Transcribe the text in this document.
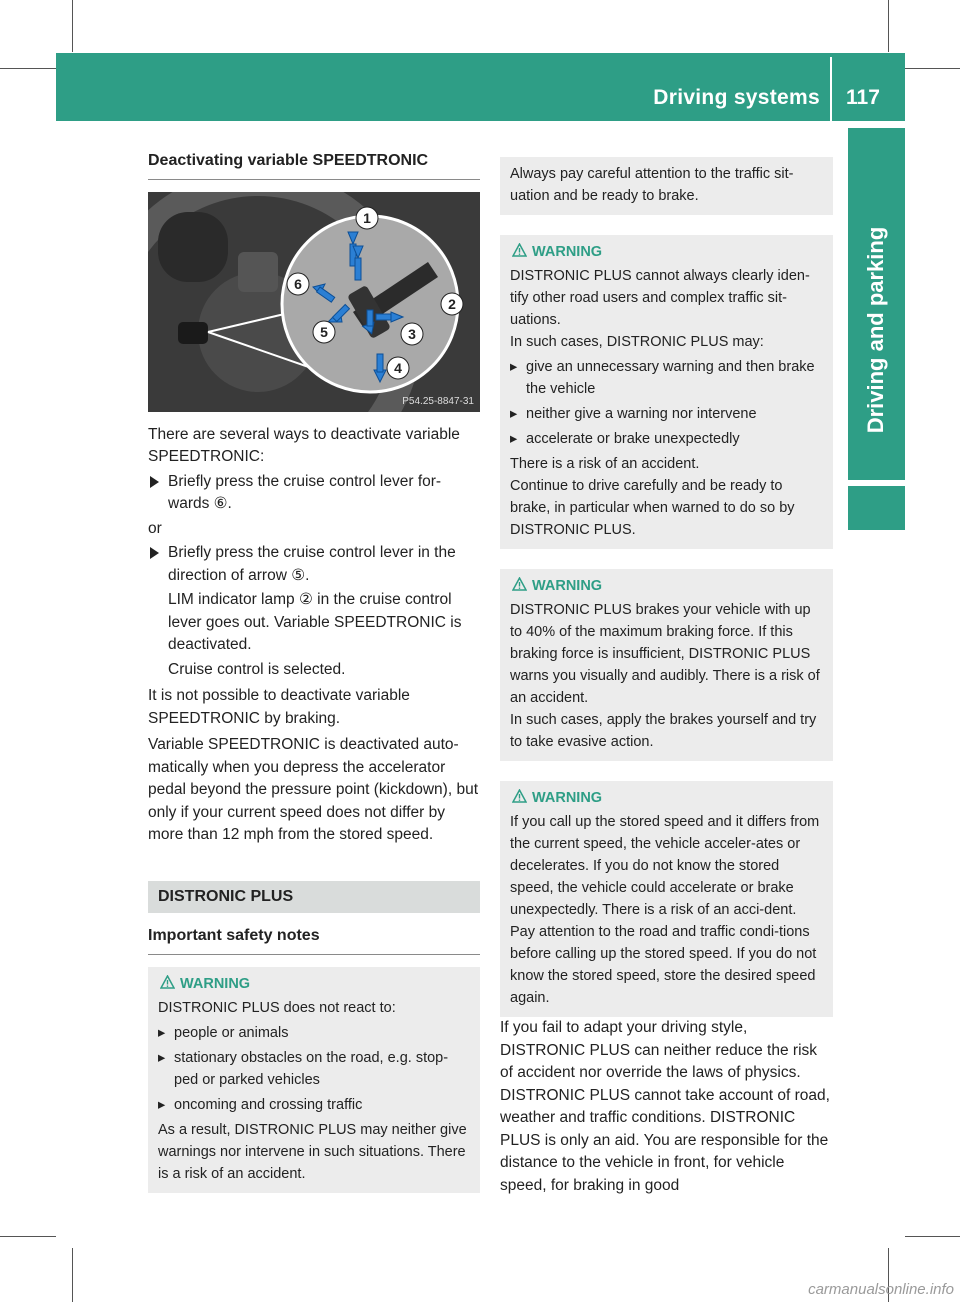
Driving systems 117
Driving and parking
Deactivating variable SPEEDTRONIC
1
2
3
4
5
6
P54.25-8847-31

There are several ways to deactivate variable SPEEDTRONIC:

Briefly press the cruise control lever for-wards ⑥.

or

Briefly press the cruise control lever in the direction of arrow ⑤.

LIM indicator lamp ② in the cruise control lever goes out. Variable SPEEDTRONIC is deactivated.

Cruise control is selected.

It is not possible to deactivate variable SPEEDTRONIC by braking.

Variable SPEEDTRONIC is deactivated auto-matically when you depress the accelerator pedal beyond the pressure point (kickdown), but only if your current speed does not differ by more than 12 mph from the stored speed.

DISTRONIC PLUS
Important safety notes
WARNING

DISTRONIC PLUS does not react to:

▸ people or animals
▸ stationary obstacles on the road, e.g. stop-ped or parked vehicles
▸ oncoming and crossing traffic

As a result, DISTRONIC PLUS may neither give warnings nor intervene in such situations. There is a risk of an accident.

Always pay careful attention to the traffic sit-uation and be ready to brake.

WARNING

DISTRONIC PLUS cannot always clearly iden-tify other road users and complex traffic sit-uations.

In such cases, DISTRONIC PLUS may:

▸ give an unnecessary warning and then brake the vehicle
▸ neither give a warning nor intervene
▸ accelerate or brake unexpectedly

There is a risk of an accident.

Continue to drive carefully and be ready to brake, in particular when warned to do so by DISTRONIC PLUS.

WARNING

DISTRONIC PLUS brakes your vehicle with up to 40% of the maximum braking force. If this braking force is insufficient, DISTRONIC PLUS warns you visually and audibly. There is a risk of an accident.

In such cases, apply the brakes yourself and try to take evasive action.

WARNING

If you call up the stored speed and it differs from the current speed, the vehicle acceler-ates or decelerates. If you do not know the stored speed, the vehicle could accelerate or brake unexpectedly. There is a risk of an acci-dent.

Pay attention to the road and traffic condi-tions before calling up the stored speed. If you do not know the stored speed, store the desired speed again.

If you fail to adapt your driving style, DISTRONIC PLUS can neither reduce the risk of accident nor override the laws of physics. DISTRONIC PLUS cannot take account of road, weather and traffic conditions. DISTRONIC PLUS is only an aid. You are responsible for the distance to the vehicle in front, for vehicle speed, for braking in good

carmanualsonline.info
